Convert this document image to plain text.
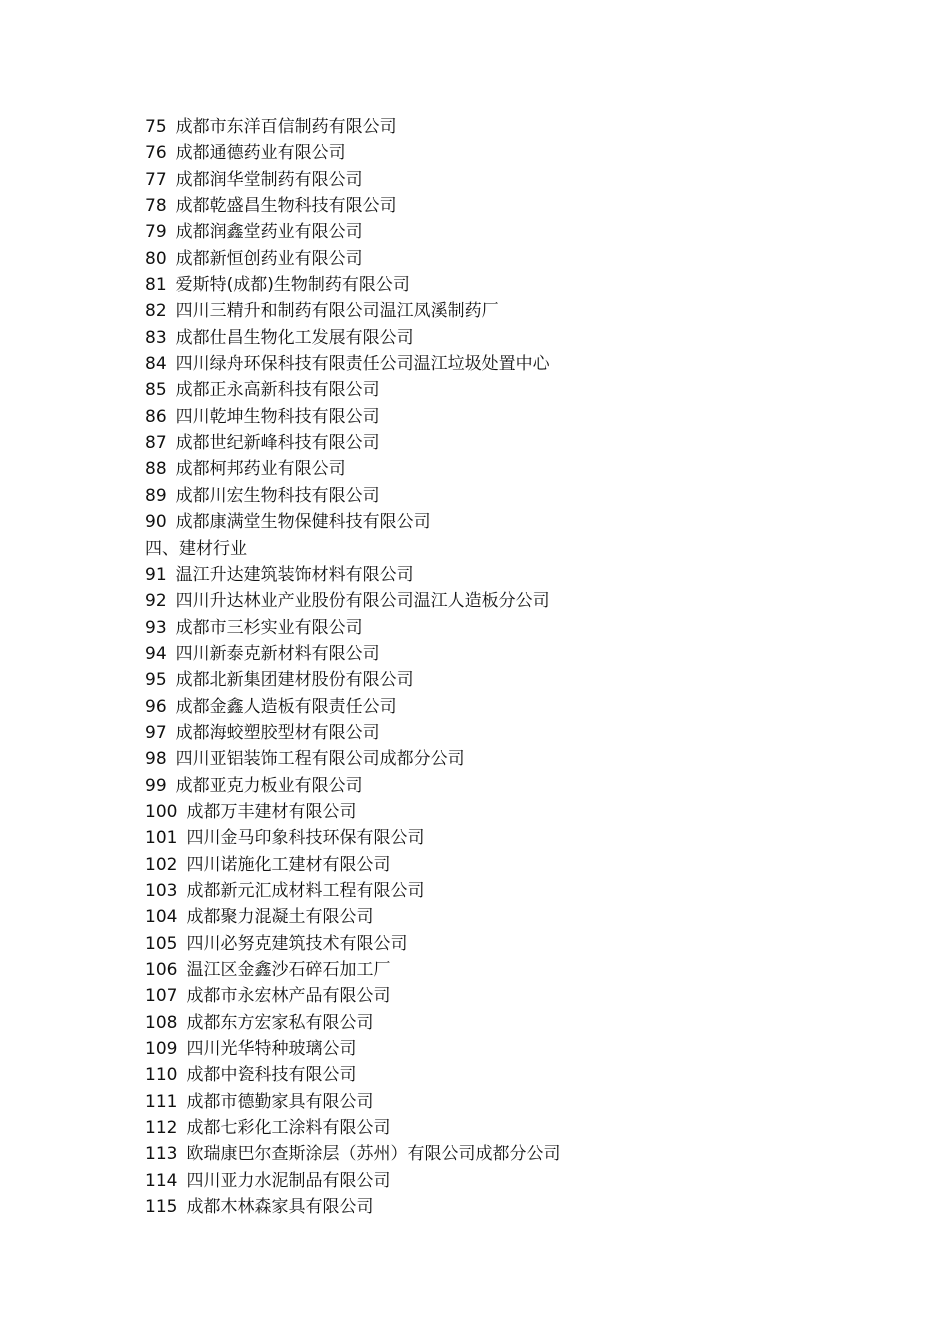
75 成都市东洋百信制药有限公司
76 成都通德药业有限公司
77 成都润华堂制药有限公司
78 成都乾盛昌生物科技有限公司
79 成都润鑫堂药业有限公司
80 成都新恒创药业有限公司
81 爱斯特(成都)生物制药有限公司
82 四川三精升和制药有限公司温江凤溪制药厂
83 成都仕昌生物化工发展有限公司
84 四川绿舟环保科技有限责任公司温江垃圾处置中心
85 成都正永高新科技有限公司
86 四川乾坤生物科技有限公司
87 成都世纪新峰科技有限公司
88 成都柯邦药业有限公司
89 成都川宏生物科技有限公司
90 成都康满堂生物保健科技有限公司
四、建材行业
91 温江升达建筑装饰材料有限公司
92 四川升达林业产业股份有限公司温江人造板分公司
93 成都市三杉实业有限公司
94 四川新泰克新材料有限公司
95 成都北新集团建材股份有限公司
96 成都金鑫人造板有限责任公司
97 成都海蛟塑胶型材有限公司
98 四川亚铝装饰工程有限公司成都分公司
99 成都亚克力板业有限公司
100 成都万丰建材有限公司
101 四川金马印象科技环保有限公司
102 四川诺施化工建材有限公司
103 成都新元汇成材料工程有限公司
104 成都聚力混凝土有限公司
105 四川必努克建筑技术有限公司
106 温江区金鑫沙石碎石加工厂
107 成都市永宏林产品有限公司
108 成都东方宏家私有限公司
109 四川光华特种玻璃公司
110 成都中瓷科技有限公司
111 成都市德勤家具有限公司
112 成都七彩化工涂料有限公司
113 欧瑞康巴尔查斯涂层（苏州）有限公司成都分公司
114 四川亚力水泥制品有限公司
115 成都木林森家具有限公司
